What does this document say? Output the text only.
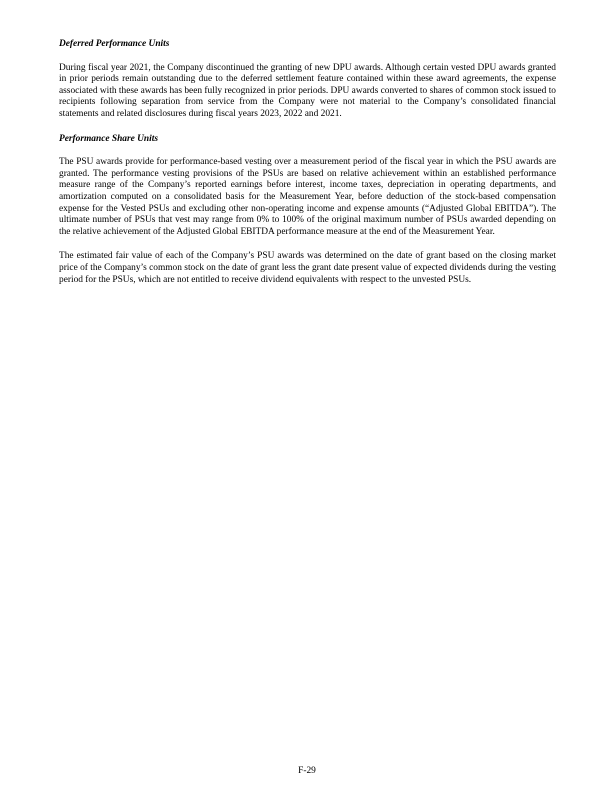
Deferred Performance Units

During fiscal year 2021, the Company discontinued the granting of new DPU awards. Although certain vested DPU awards granted in prior periods remain outstanding due to the deferred settlement feature contained within these award agreements, the expense associated with these awards has been fully recognized in prior periods. DPU awards converted to shares of common stock issued to recipients following separation from service from the Company were not material to the Company’s consolidated financial statements and related disclosures during fiscal years 2023, 2022 and 2021.

Performance Share Units

The PSU awards provide for performance-based vesting over a measurement period of the fiscal year in which the PSU awards are granted. The performance vesting provisions of the PSUs are based on relative achievement within an established performance measure range of the Company’s reported earnings before interest, income taxes, depreciation in operating departments, and amortization computed on a consolidated basis for the Measurement Year, before deduction of the stock-based compensation expense for the Vested PSUs and excluding other non-operating income and expense amounts (“Adjusted Global EBITDA”). The ultimate number of PSUs that vest may range from 0% to 100% of the original maximum number of PSUs awarded depending on the relative achievement of the Adjusted Global EBITDA performance measure at the end of the Measurement Year.

The estimated fair value of each of the Company’s PSU awards was determined on the date of grant based on the closing market price of the Company’s common stock on the date of grant less the grant date present value of expected dividends during the vesting period for the PSUs, which are not entitled to receive dividend equivalents with respect to the unvested PSUs.

F-29
